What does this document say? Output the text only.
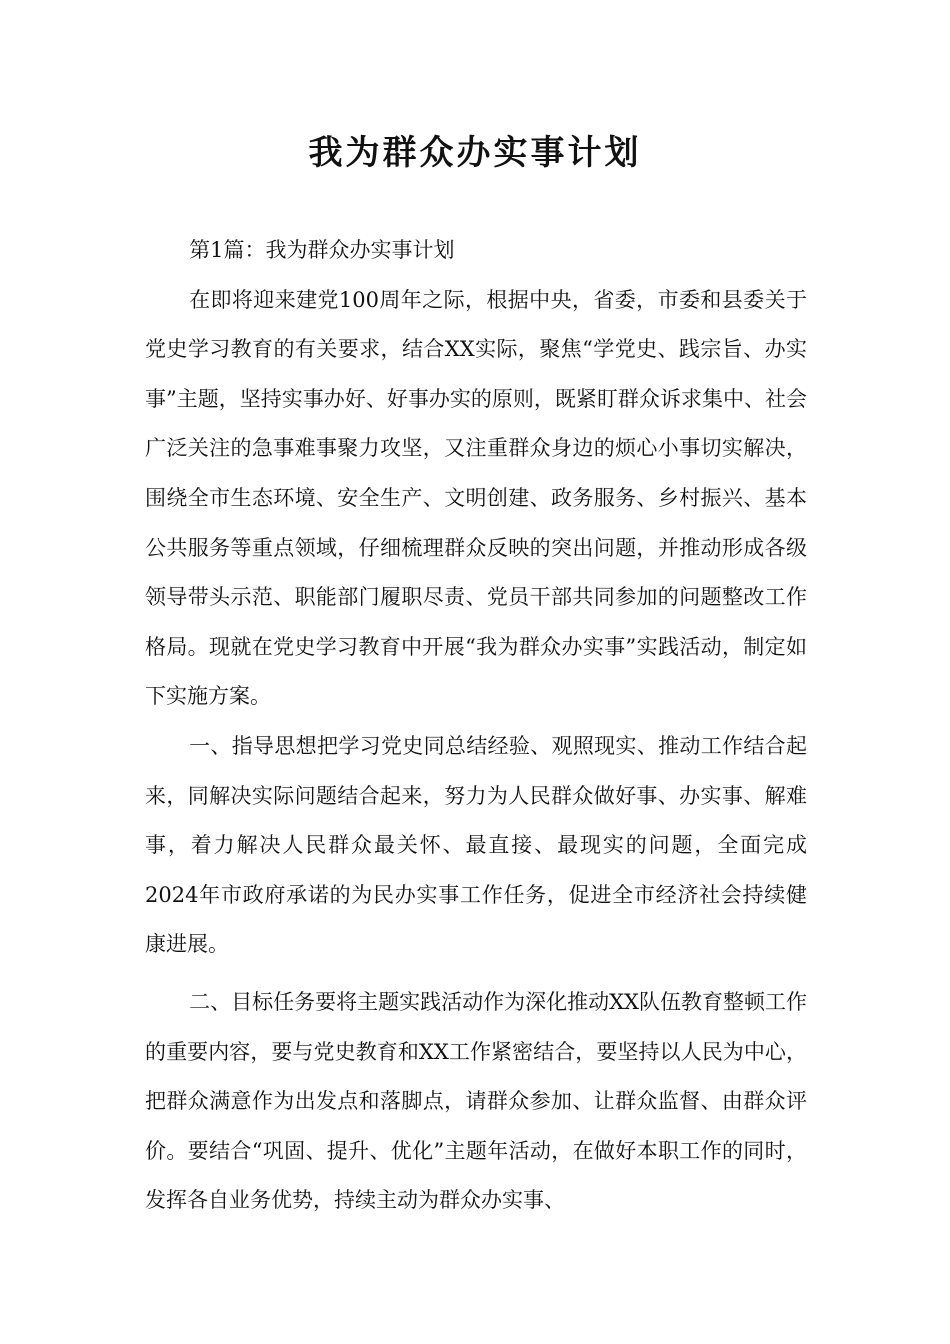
我为群众办实事计划

第1篇：我为群众办实事计划

在即将迎来建党100周年之际，根据中央，省委，市委和县委关于党史学习教育的有关要求，结合XX实际，聚焦“学党史、践宗旨、办实事”主题，坚持实事办好、好事办实的原则，既紧盯群众诉求集中、社会广泛关注的急事难事聚力攻坚，又注重群众身边的烦心小事切实解决，围绕全市生态环境、安全生产、文明创建、政务服务、乡村振兴、基本公共服务等重点领域，仔细梳理群众反映的突出问题，并推动形成各级领导带头示范、职能部门履职尽责、党员干部共同参加的问题整改工作格局。现就在党史学习教育中开展“我为群众办实事”实践活动，制定如下实施方案。

一、指导思想把学习党史同总结经验、观照现实、推动工作结合起来，同解决实际问题结合起来，努力为人民群众做好事、办实事、解难事，着力解决人民群众最关怀、最直接、最现实的问题，全面完成2024年市政府承诺的为民办实事工作任务，促进全市经济社会持续健康进展。

二、目标任务要将主题实践活动作为深化推动XX队伍教育整顿工作的重要内容，要与党史教育和XX工作紧密结合，要坚持以人民为中心，把群众满意作为出发点和落脚点，请群众参加、让群众监督、由群众评价。要结合“巩固、提升、优化”主题年活动，在做好本职工作的同时，发挥各自业务优势，持续主动为群众办实事、
